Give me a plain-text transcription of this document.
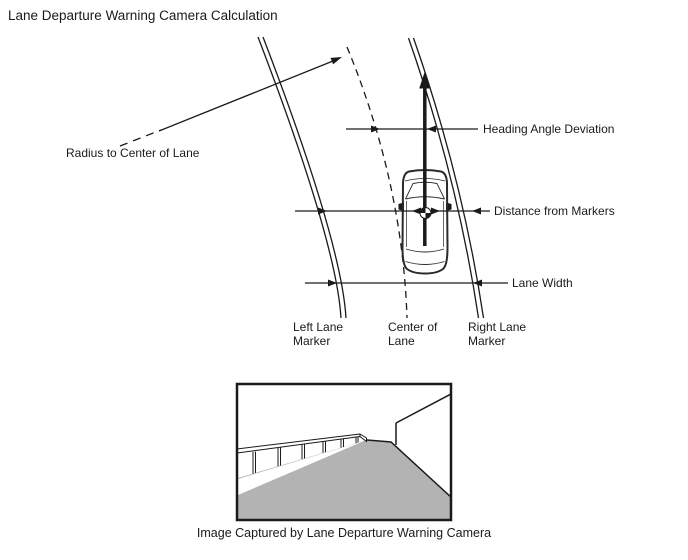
Lane Departure Warning Camera Calculation
Radius to Center of Lane
Heading Angle Deviation
Distance from Markers
Lane Width
Left Lane
Marker
Center of
Lane
Right Lane
Marker
Image Captured by Lane Departure Warning Camera
